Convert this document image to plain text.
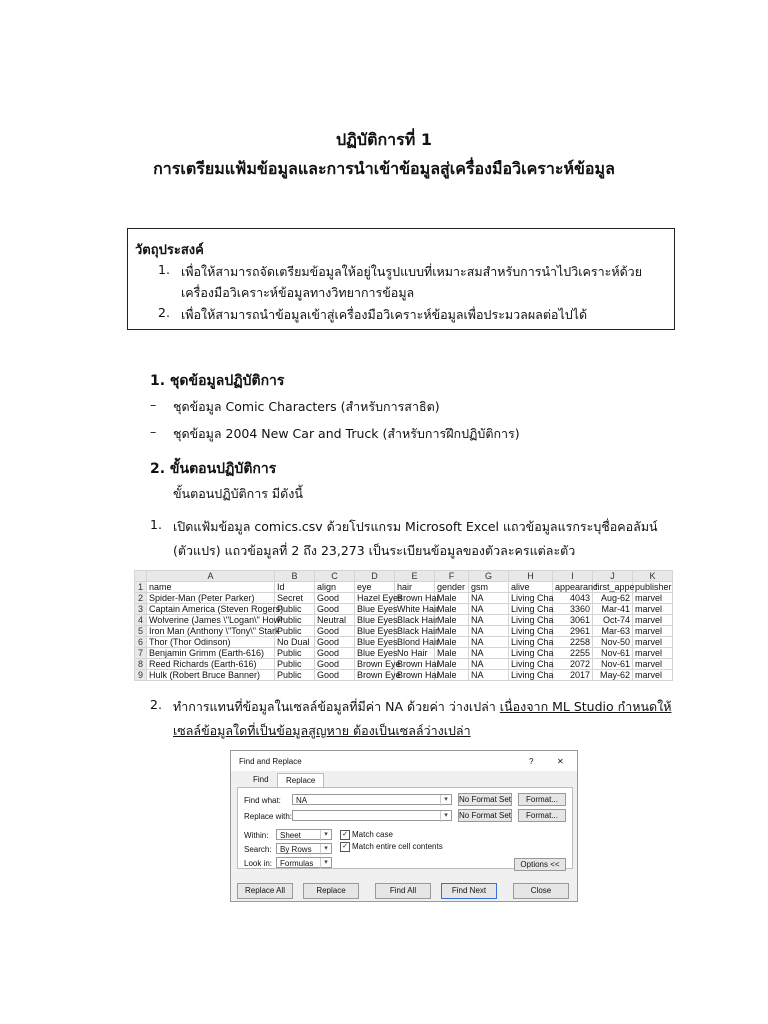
ปฏิบัติการที่ 1
การเตรียมแฟ้มข้อมูลและการนำเข้าข้อมูลสู่เครื่องมือวิเคราะห์ข้อมูล
วัตถุประสงค์
1. เพื่อให้สามารถจัดเตรียมข้อมูลให้อยู่ในรูปแบบที่เหมาะสมสำหรับการนำไปวิเคราะห์ด้วย
เครื่องมือวิเคราะห์ข้อมูลทางวิทยาการข้อมูล
2. เพื่อให้สามารถนำข้อมูลเข้าสู่เครื่องมือวิเคราะห์ข้อมูลเพื่อประมวลผลต่อไปได้
1. ชุดข้อมูลปฏิบัติการ
– ชุดข้อมูล Comic Characters (สำหรับการสาธิต)
– ชุดข้อมูล 2004 New Car and Truck (สำหรับการฝึกปฏิบัติการ)
2. ขั้นตอนปฏิบัติการ
ขั้นตอนปฏิบัติการ มีดังนี้
1. เปิดแฟ้มข้อมูล comics.csv ด้วยโปรแกรม Microsoft Excel แถวข้อมูลแรกระบุชื่อคอลัมน์
(ตัวแปร) แถวข้อมูลที่ 2 ถึง 23,273 เป็นระเบียนข้อมูลของตัวละครแต่ละตัว
	A	B	C	D	E	F	G	H	I	J	K
1	name	Id	align	eye	hair	gender	gsm	alive	appearanc	first_appe	publisher
2	Spider-Man (Peter Parker)	Secret	Good	Hazel Eyes	Brown Hai	Male	NA	Living Cha	4043	Aug-62	marvel
3	Captain America (Steven Rogers)	Public	Good	Blue Eyes	White Hair	Male	NA	Living Cha	3360	Mar-41	marvel
4	Wolverine (James \"Logan\" Howl	Public	Neutral	Blue Eyes	Black Hair	Male	NA	Living Cha	3061	Oct-74	marvel
5	Iron Man (Anthony \"Tony\" Stark	Public	Good	Blue Eyes	Black Hair	Male	NA	Living Cha	2961	Mar-63	marvel
6	Thor (Thor Odinson)	No Dual	Good	Blue Eyes	Blond Hair	Male	NA	Living Cha	2258	Nov-50	marvel
7	Benjamin Grimm (Earth-616)	Public	Good	Blue Eyes	No Hair	Male	NA	Living Cha	2255	Nov-61	marvel
8	Reed Richards (Earth-616)	Public	Good	Brown Eye	Brown Hai	Male	NA	Living Cha	2072	Nov-61	marvel
9	Hulk (Robert Bruce Banner)	Public	Good	Brown Eye	Brown Hai	Male	NA	Living Cha	2017	May-62	marvel
2. ทำการแทนที่ข้อมูลในเซลล์ข้อมูลที่มีค่า NA ด้วยค่า ว่างเปล่า เนื่องจาก ML Studio กำหนดให้
เซลล์ข้อมูลใดที่เป็นข้อมูลสูญหาย ต้องเป็นเซลล์ว่างเปล่า
Find and Replace	?	✕
Find	Replace
Find what:	NA	▾	No Format Set	Format...
Replace with:	▾	No Format Set	Format...
Within:	Sheet	▾
Search:	By Rows	▾
Look in: Formulas	▾
✓ Match case
✓ Match entire cell contents
Options <<
Replace All	Replace	Find All	Find Next	Close
